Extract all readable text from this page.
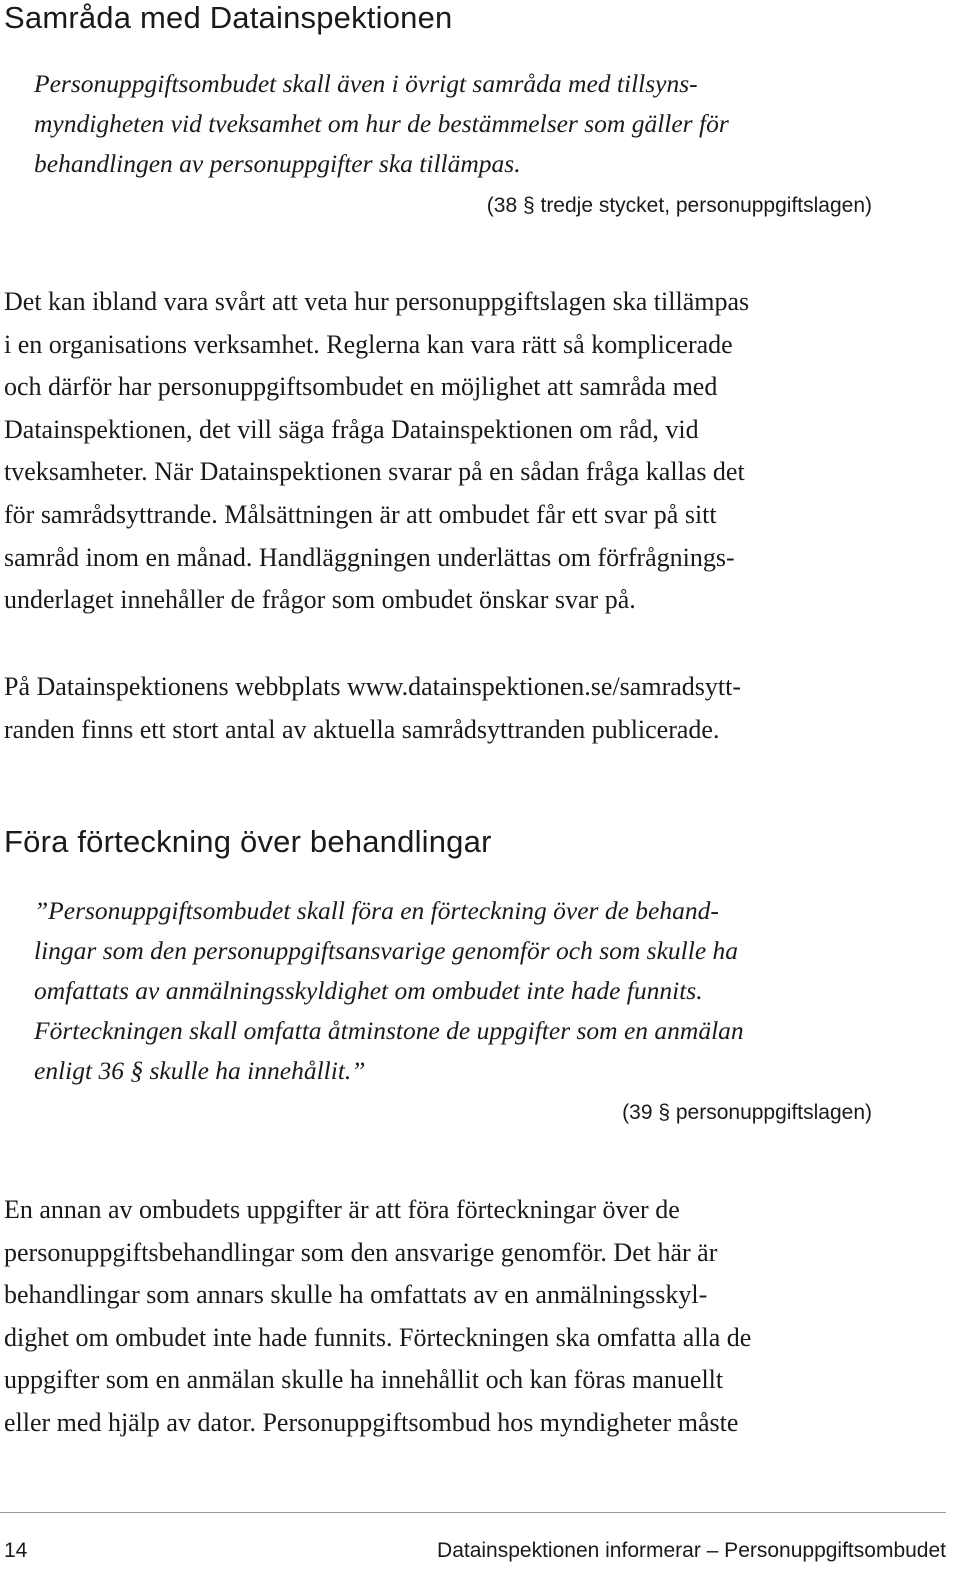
Samråda med Datainspektionen

Personuppgiftsombudet skall även i övrigt samråda med tillsyns-
myndigheten vid tveksamhet om hur de bestämmelser som gäller för
behandlingen av personuppgifter ska tillämpas.

(38 § tredje stycket, personuppgiftslagen)

Det kan ibland vara svårt att veta hur personuppgiftslagen ska tillämpas
i en organisations verksamhet. Reglerna kan vara rätt så komplicerade
och därför har personuppgiftsombudet en möjlighet att samråda med
Datainspektionen, det vill säga fråga Datainspektionen om råd, vid
tveksamheter. När Datainspektionen svarar på en sådan fråga kallas det
för samrådsyttrande. Målsättningen är att ombudet får ett svar på sitt
samråd inom en månad. Handläggningen underlättas om förfrågnings-
underlaget innehåller de frågor som ombudet önskar svar på.

På Datainspektionens webbplats www.datainspektionen.se/samradsytt-
randen finns ett stort antal av aktuella samrådsyttranden publicerade.

Föra förteckning över behandlingar

”Personuppgiftsombudet skall föra en förteckning över de behand-
lingar som den personuppgiftsansvarige genomför och som skulle ha
omfattats av anmälningsskyldighet om ombudet inte hade funnits.
Förteckningen skall omfatta åtminstone de uppgifter som en anmälan
enligt 36 § skulle ha innehållit.”

(39 § personuppgiftslagen)

En annan av ombudets uppgifter är att föra förteckningar över de
personuppgiftsbehandlingar som den ansvarige genomför. Det här är
behandlingar som annars skulle ha omfattats av en anmälningsskyl-
dighet om ombudet inte hade funnits. Förteckningen ska omfatta alla de
uppgifter som en anmälan skulle ha innehållit och kan föras manuellt
eller med hjälp av dator. Personuppgiftsombud hos myndigheter måste

14	Datainspektionen informerar – Personuppgiftsombudet
